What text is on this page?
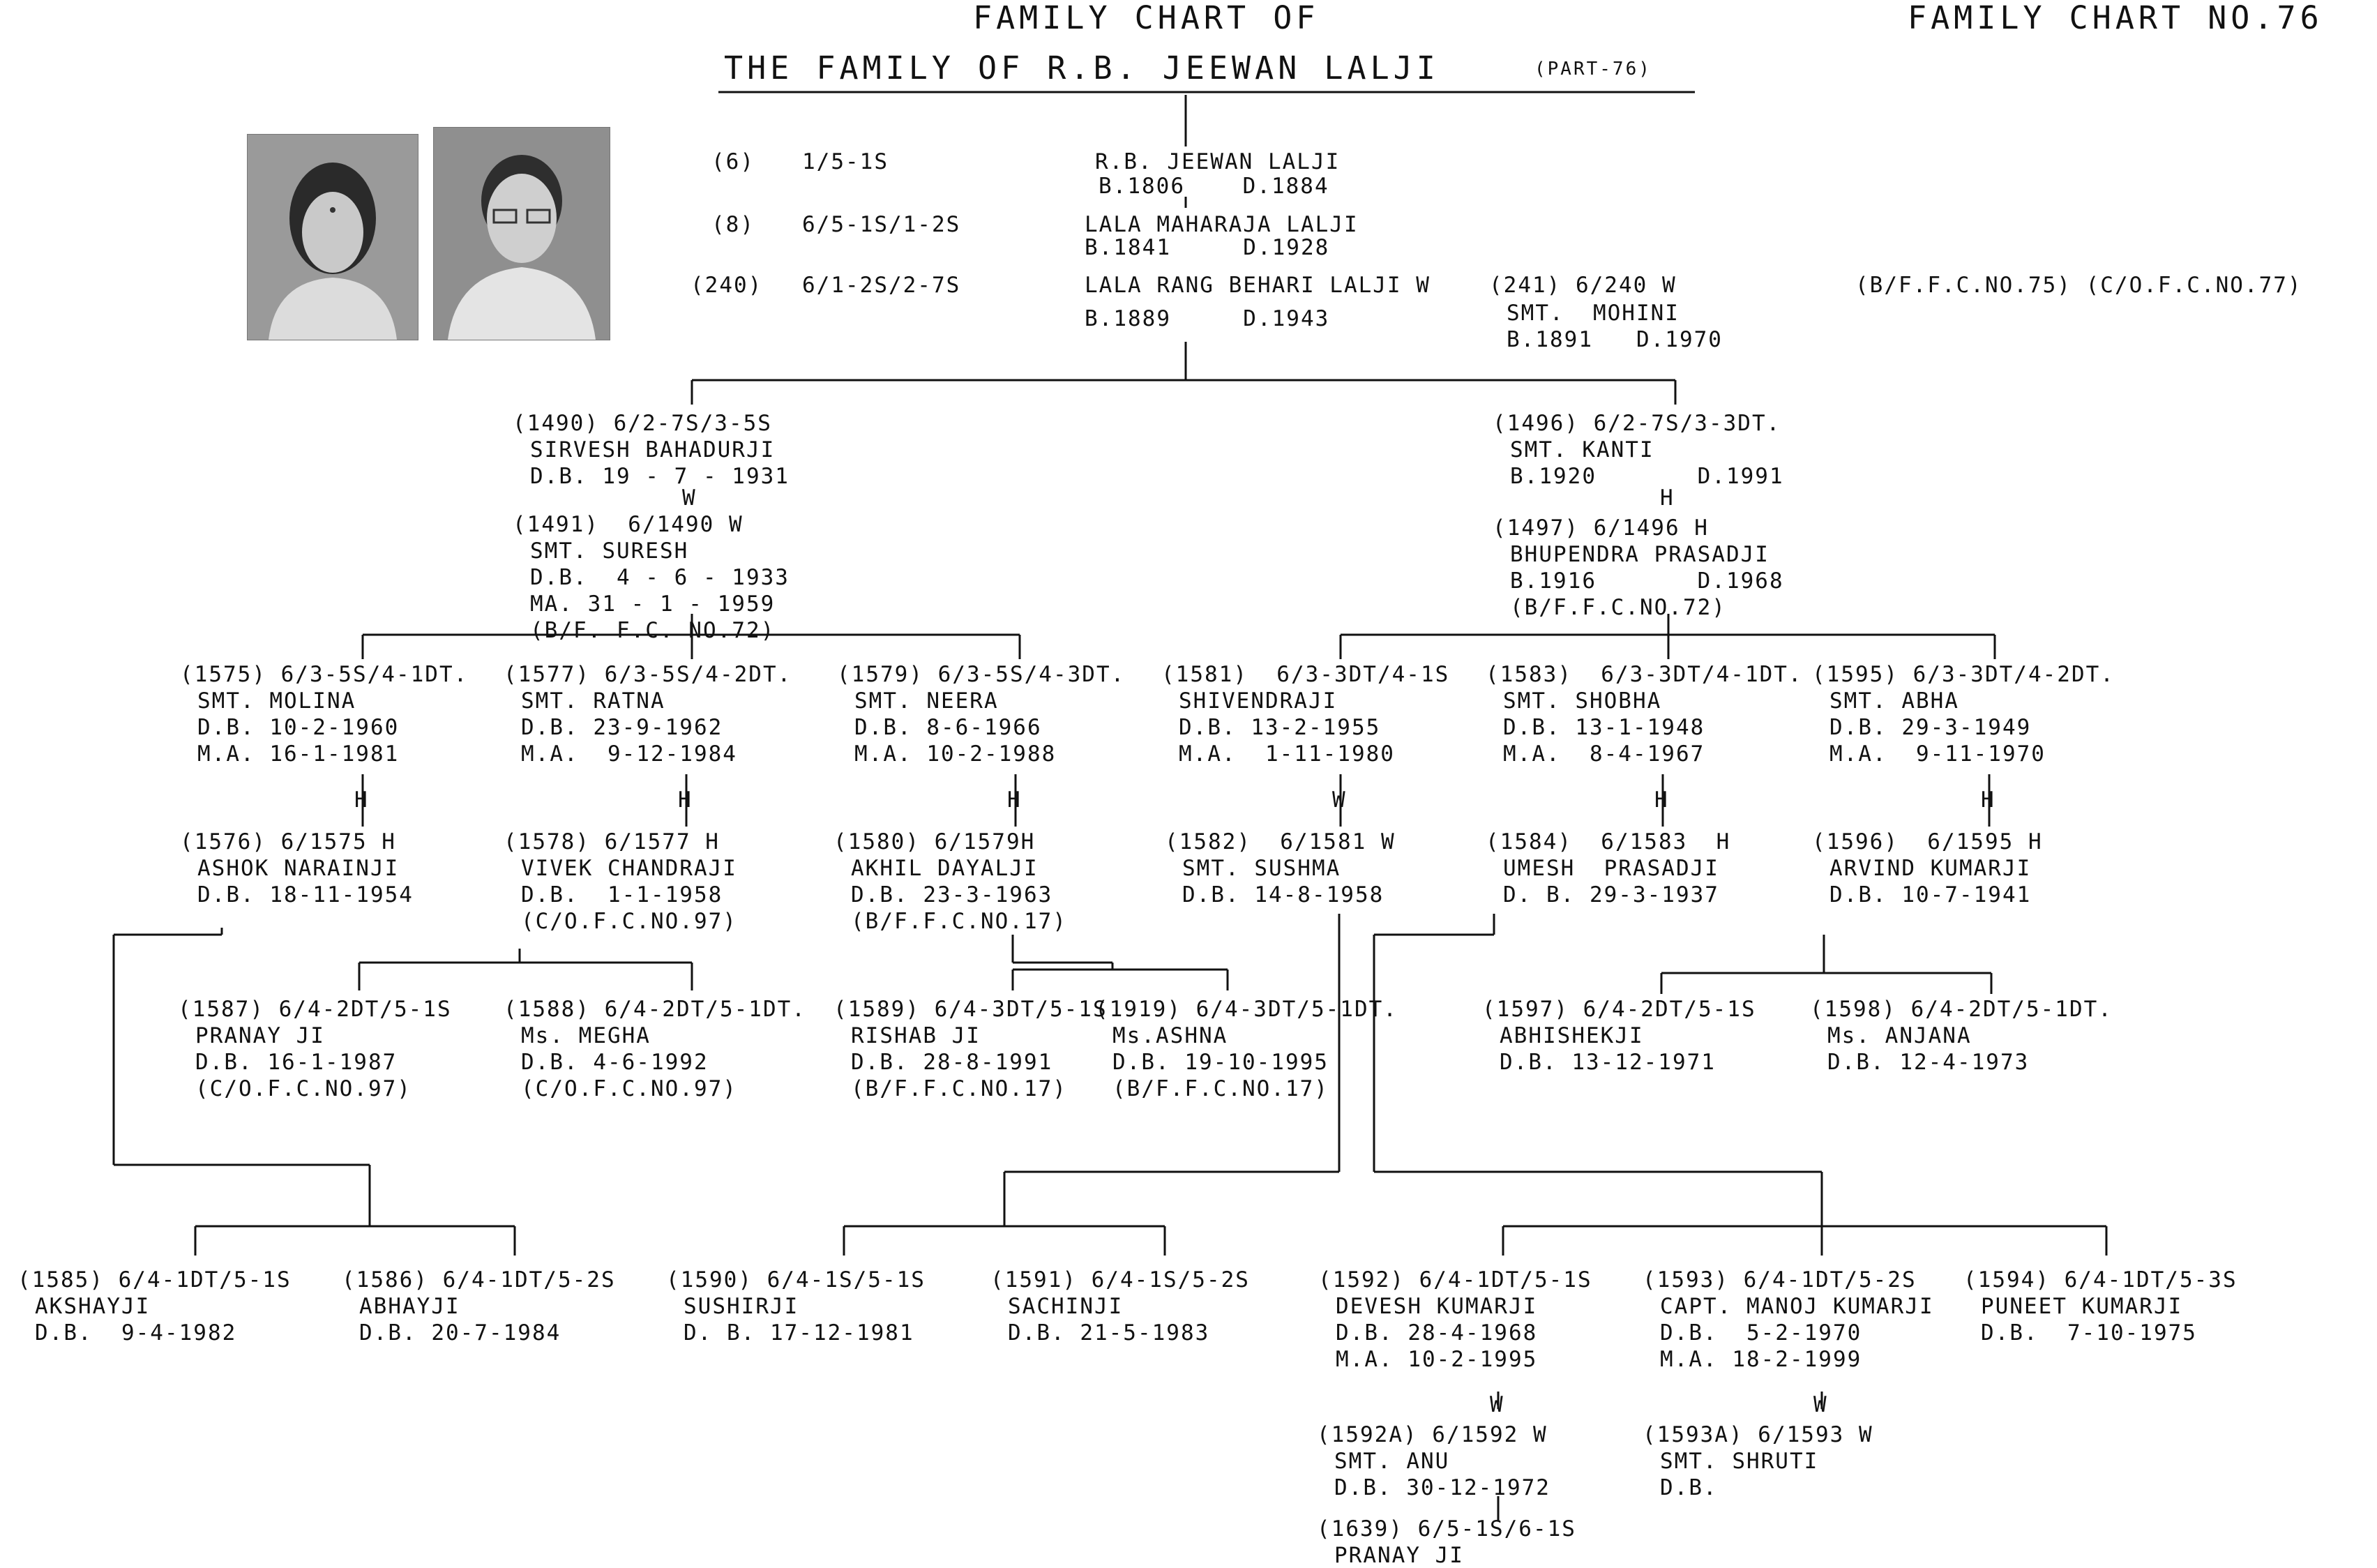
FAMILY CHART OF
THE FAMILY OF R.B. JEEWAN LALJI	(PART-76)
FAMILY CHART NO.76
(6) 1/5-1S	R.B. JEEWAN LALJI
B.1806    D.1884
(8) 6/5-1S/1-2S	LALA MAHARAJA LALJI
B.1841     D.1928
(240) 6/1-2S/2-7S	LALA RANG BEHARI LALJI W
B.1889     D.1943
(241) 6/240 W
SMT.  MOHINI
B.1891   D.1970
(B/F.F.C.NO.75) (C/O.F.C.NO.77)
(1490) 6/2-7S/3-5S
SIRVESH BAHADURJI
D.B. 19 - 7 - 1931
(1491)  6/1490 W
SMT. SURESH
D.B.  4 - 6 - 1933
MA. 31 - 1 - 1959
(B/F. F.C. NO.72)
(1496) 6/2-7S/3-3DT.
SMT. KANTI
B.1920       D.1991
(1497) 6/1496 H
BHUPENDRA PRASADJI
B.1916       D.1968
(B/F.F.C.NO.72)
(1575) 6/3-5S/4-1DT.
SMT. MOLINA
D.B. 10-2-1960
M.A. 16-1-1981
(1577) 6/3-5S/4-2DT.
SMT. RATNA
D.B. 23-9-1962
M.A.  9-12-1984
(1579) 6/3-5S/4-3DT.
SMT. NEERA
D.B. 8-6-1966
M.A. 10-2-1988
(1581)  6/3-3DT/4-1S
SHIVENDRAJI
D.B. 13-2-1955
M.A.  1-11-1980
(1583)  6/3-3DT/4-1DT.
SMT. SHOBHA
D.B. 13-1-1948
M.A.  8-4-1967
(1595) 6/3-3DT/4-2DT.
SMT. ABHA
D.B. 29-3-1949
M.A.  9-11-1970
(1576) 6/1575 H
ASHOK NARAINJI
D.B. 18-11-1954
(1578) 6/1577 H
VIVEK CHANDRAJI
D.B.  1-1-1958
(C/O.F.C.NO.97)
(1580) 6/1579H
AKHIL DAYALJI
D.B. 23-3-1963
(B/F.F.C.NO.17)
(1582)  6/1581 W
SMT. SUSHMA
D.B. 14-8-1958
(1584)  6/1583  H
UMESH  PRASADJI
D. B. 29-3-1937
(1596)  6/1595 H
ARVIND KUMARJI
D.B. 10-7-1941
(1587) 6/4-2DT/5-1S
PRANAY JI
D.B. 16-1-1987
(C/O.F.C.NO.97)
(1588) 6/4-2DT/5-1DT.
Ms. MEGHA
D.B. 4-6-1992
(C/O.F.C.NO.97)
(1589) 6/4-3DT/5-1S
RISHAB JI
D.B. 28-8-1991
(B/F.F.C.NO.17)
(1919) 6/4-3DT/5-1DT.
Ms.ASHNA
D.B. 19-10-1995
(B/F.F.C.NO.17)
(1597) 6/4-2DT/5-1S
ABHISHEKJI
D.B. 13-12-1971
(1598) 6/4-2DT/5-1DT.
Ms. ANJANA
D.B. 12-4-1973
(1585) 6/4-1DT/5-1S
AKSHAYJI
D.B.  9-4-1982
(1586) 6/4-1DT/5-2S
ABHAYJI
D.B. 20-7-1984
(1590) 6/4-1S/5-1S
SUSHIRJI
D. B. 17-12-1981
(1591) 6/4-1S/5-2S
SACHINJI
D.B. 21-5-1983
(1592) 6/4-1DT/5-1S
DEVESH KUMARJI
D.B. 28-4-1968
M.A. 10-2-1995
(1593) 6/4-1DT/5-2S
CAPT. MANOJ KUMARJI
D.B.  5-2-1970
M.A. 18-2-1999
(1594) 6/4-1DT/5-3S
PUNEET KUMARJI
D.B.  7-10-1975
(1592A) 6/1592 W
SMT. ANU
D.B. 30-12-1972
(1593A) 6/1593 W
SMT. SHRUTI
D.B.
(1639) 6/5-1S/6-1S
PRANAY JI
W	H
H	H	H	W	H	H
W	W
